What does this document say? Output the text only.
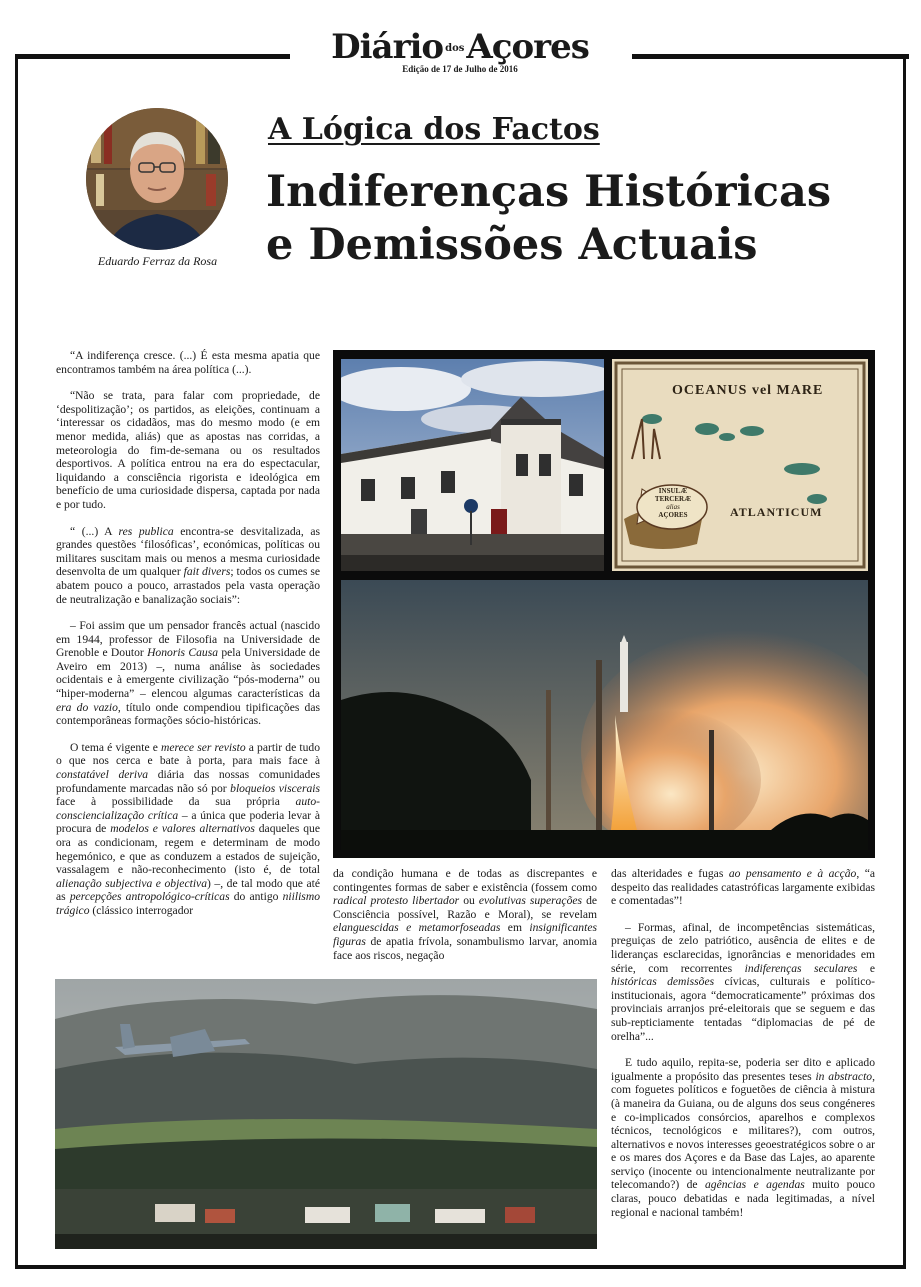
Diário dosAçores
Edição de 17 de Julho de 2016
Eduardo Ferraz da Rosa
A Lógica dos Factos
Indiferenças Históricas
e Demissões Actuais

“A indiferença cresce. (...) É esta mesma apatia que encontramos também na área política (...).

“Não se trata, para falar com propriedade, de ‘despolitização’; os partidos, as eleições, continuam a ‘interessar os cidadãos, mas do mesmo modo (e em menor medida, aliás) que as apostas nas corridas, a meteorologia do fim-de-semana ou os resultados desportivos. A política entrou na era do espectacular, liquidando a consciência rigorista e ideológica em benefício de uma curiosidade dispersa, captada por nada e por tudo.

“ (...) A res publica encontra-se desvitalizada, as grandes questões ‘filosóficas’, económicas, políticas ou militares suscitam mais ou menos a mesma curiosidade desenvolta de um qualquer fait divers; todos os cumes se abatem pouco a pouco, arrastados pela vasta operação de neutralização e banalização sociais”:

– Foi assim que um pensador francês actual (nascido em 1944, professor de Filosofia na Universidade de Grenoble e Doutor Honoris Causa pela Universidade de Aveiro em 2013) –, numa análise às sociedades ocidentais e à emergente civilização “pós-moderna” ou “hiper-moderna” – elencou algumas características da era do vazio, título onde compendiou tipificações das contemporâneas formações sócio-históricas.

O tema é vigente e merece ser revisto a partir de tudo o que nos cerca e bate à porta, para mais face à constatável deriva diária das nossas comunidades profundamente marcadas não só por bloqueios viscerais face à possibilidade da sua própria auto-consciencialização crítica – a única que poderia levar à procura de modelos e valores alternativos daqueles que ora as condicionam, regem e determinam de modo hegemónico, e que as conduzem a estados de sujeição, vassalagem e não-reconhecimento (isto é, de total alienação subjectiva e objectiva) –, de tal modo que até as percepções antropológico-críticas do antigo niilismo trágico (clássico interrogador

da condição humana e de todas as discrepantes e contingentes formas de saber e existência (fossem como radical protesto libertador ou evolutivas superações de Consciência possível, Razão e Moral), se revelam elanguescidas e metamorfoseadas em insignificantes figuras de apatia frívola, sonambulismo larvar, anomia face aos riscos, negação

das alteridades e fugas ao pensamento e à acção, “a despeito das realidades catastróficas largamente exibidas e comentadas”!

– Formas, afinal, de incompetências sistemáticas, preguiças de zelo patriótico, ausência de elites e de lideranças esclarecidas, ignorâncias e menoridades em série, com recorrentes indiferenças seculares e históricas demissões cívicas, culturais e político-institucionais, agora “democraticamente” próximas dos provinciais arranjos pré-eleitorais que se seguem e das sub-repticiamente tentadas “diplomacias de pé de orelha”...

E tudo aquilo, repita-se, poderia ser dito e aplicado igualmente a propósito das presentes teses in abstracto, com foguetes políticos e foguetões de ciência à mistura (à maneira da Guiana, ou de alguns dos seus congéneres e co-implicados consórcios, aparelhos e complexos técnicos, tecnológicos e militares?), com outros, alternativos e novos interesses geoestratégicos sobre o ar e os mares dos Açores e da Base das Lajes, ao aparente serviço (inocente ou intencionalmente neutralizante por telecomando?) de agências e agendas muito pouco claras, pouco debatidas e nada legitimadas, a nível regional e nacional também!

OCEANUS vel MARE
ATLANTICUM
INSULÆ
TERCERÆ
alias
AÇORES
